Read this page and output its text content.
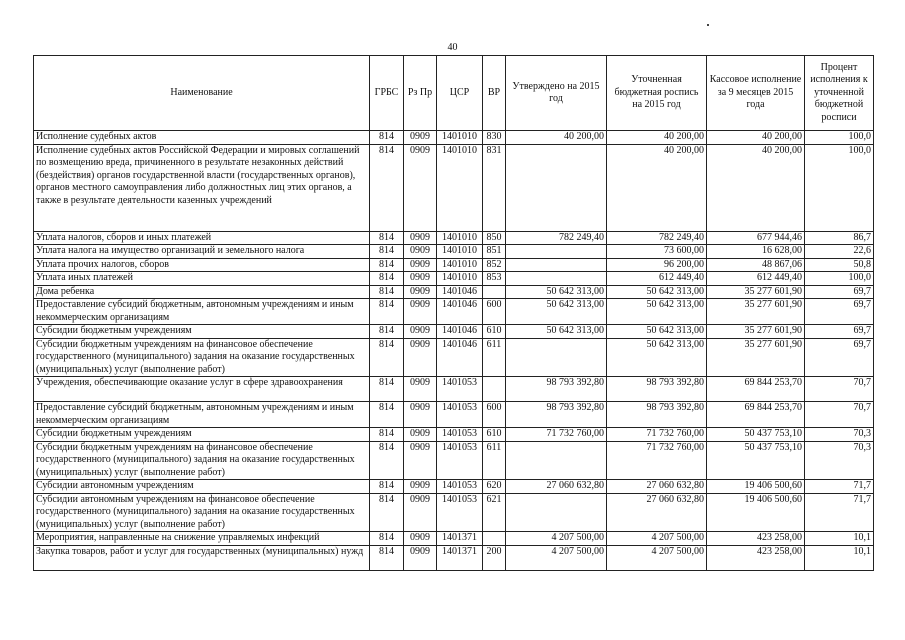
40
Наименование	ГРБС	Рз Пр	ЦСР	ВР	Утверждено на 2015 год	Уточненная бюджетная роспись на 2015 год	Кассовое исполнение за 9 месяцев 2015 года	Процент исполнения к уточненной бюджетной росписи
Исполнение судебных актов	814	0909	1401010	830	40 200,00	40 200,00	40 200,00	100,0
Исполнение судебных актов Российской Федерации и мировых соглашений по возмещению вреда, причиненного в результате незаконных действий (бездействия) органов государственной власти (государственных органов), органов местного самоуправления либо должностных лиц этих органов, а также в результате деятельности казенных учреждений	814	0909	1401010	831		40 200,00	40 200,00	100,0
Уплата налогов, сборов и иных платежей	814	0909	1401010	850	782 249,40	782 249,40	677 944,46	86,7
Уплата налога на имущество организаций и земельного налога	814	0909	1401010	851		73 600,00	16 628,00	22,6
Уплата прочих налогов, сборов	814	0909	1401010	852		96 200,00	48 867,06	50,8
Уплата иных платежей	814	0909	1401010	853		612 449,40	612 449,40	100,0
Дома ребенка	814	0909	1401046		50 642 313,00	50 642 313,00	35 277 601,90	69,7
Предоставление субсидий бюджетным, автономным учреждениям и иным некоммерческим организациям	814	0909	1401046	600	50 642 313,00	50 642 313,00	35 277 601,90	69,7
Субсидии бюджетным учреждениям	814	0909	1401046	610	50 642 313,00	50 642 313,00	35 277 601,90	69,7
Субсидии бюджетным учреждениям на финансовое обеспечение государственного (муниципального) задания на оказание государственных (муниципальных) услуг (выполнение работ)	814	0909	1401046	611		50 642 313,00	35 277 601,90	69,7
Учреждения, обеспечивающие оказание услуг в сфере здравоохранения	814	0909	1401053		98 793 392,80	98 793 392,80	69 844 253,70	70,7
Предоставление субсидий бюджетным, автономным учреждениям и иным некоммерческим организациям	814	0909	1401053	600	98 793 392,80	98 793 392,80	69 844 253,70	70,7
Субсидии бюджетным учреждениям	814	0909	1401053	610	71 732 760,00	71 732 760,00	50 437 753,10	70,3
Субсидии бюджетным учреждениям на финансовое обеспечение государственного (муниципального) задания на оказание государственных (муниципальных) услуг (выполнение работ)	814	0909	1401053	611		71 732 760,00	50 437 753,10	70,3
Субсидии автономным учреждениям	814	0909	1401053	620	27 060 632,80	27 060 632,80	19 406 500,60	71,7
Субсидии автономным учреждениям на финансовое обеспечение государственного (муниципального) задания на оказание государственных (муниципальных) услуг (выполнение работ)	814	0909	1401053	621		27 060 632,80	19 406 500,60	71,7
Мероприятия, направленные на снижение управляемых инфекций	814	0909	1401371		4 207 500,00	4 207 500,00	423 258,00	10,1
Закупка товаров, работ и услуг для государственных (муниципальных) нужд	814	0909	1401371	200	4 207 500,00	4 207 500,00	423 258,00	10,1
